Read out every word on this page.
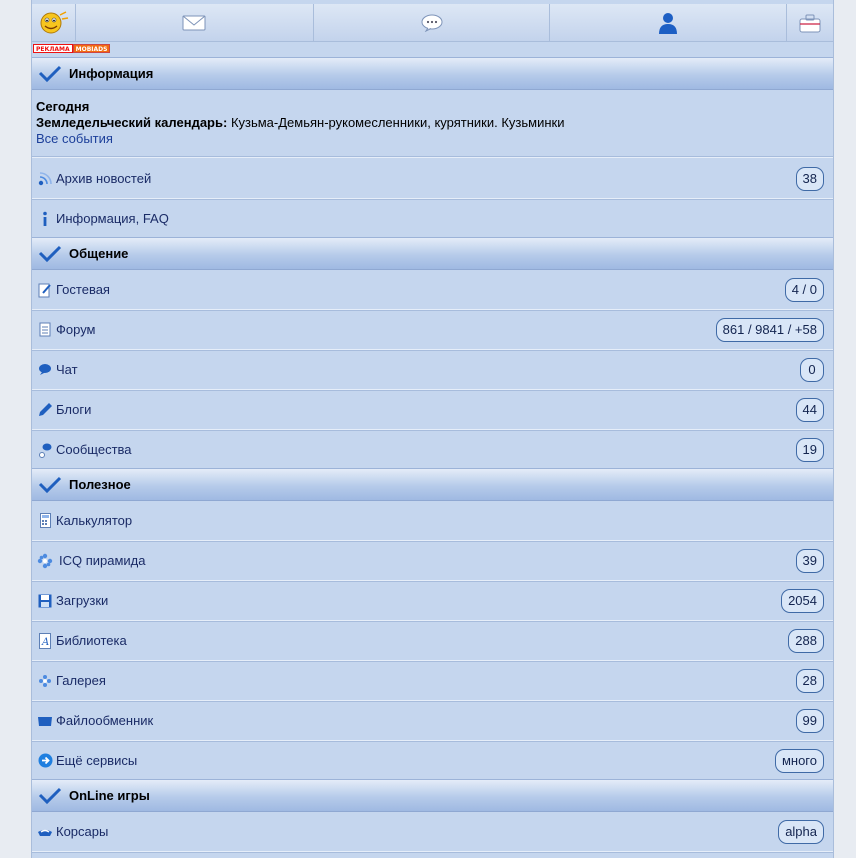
РЕКЛАМА	MOBIADS
Информация
Сегодня
Земледельческий календарь: Кузьма-Демьян-рукомесленники, курятники. Кузьминки
Все события
Архив новостей	38
Информация, FAQ
Общение
Гостевая	4 / 0
Форум	861 / 9841 / +58
Чат	0
Блоги	44
Сообщества	19
Полезное
Калькулятор
ICQ пирамида	39
Загрузки	2054
A Библиотека	288
Галерея	28
Файлообменник	99
Ещё сервисы	много
OnLine игры
Корсары	alpha
